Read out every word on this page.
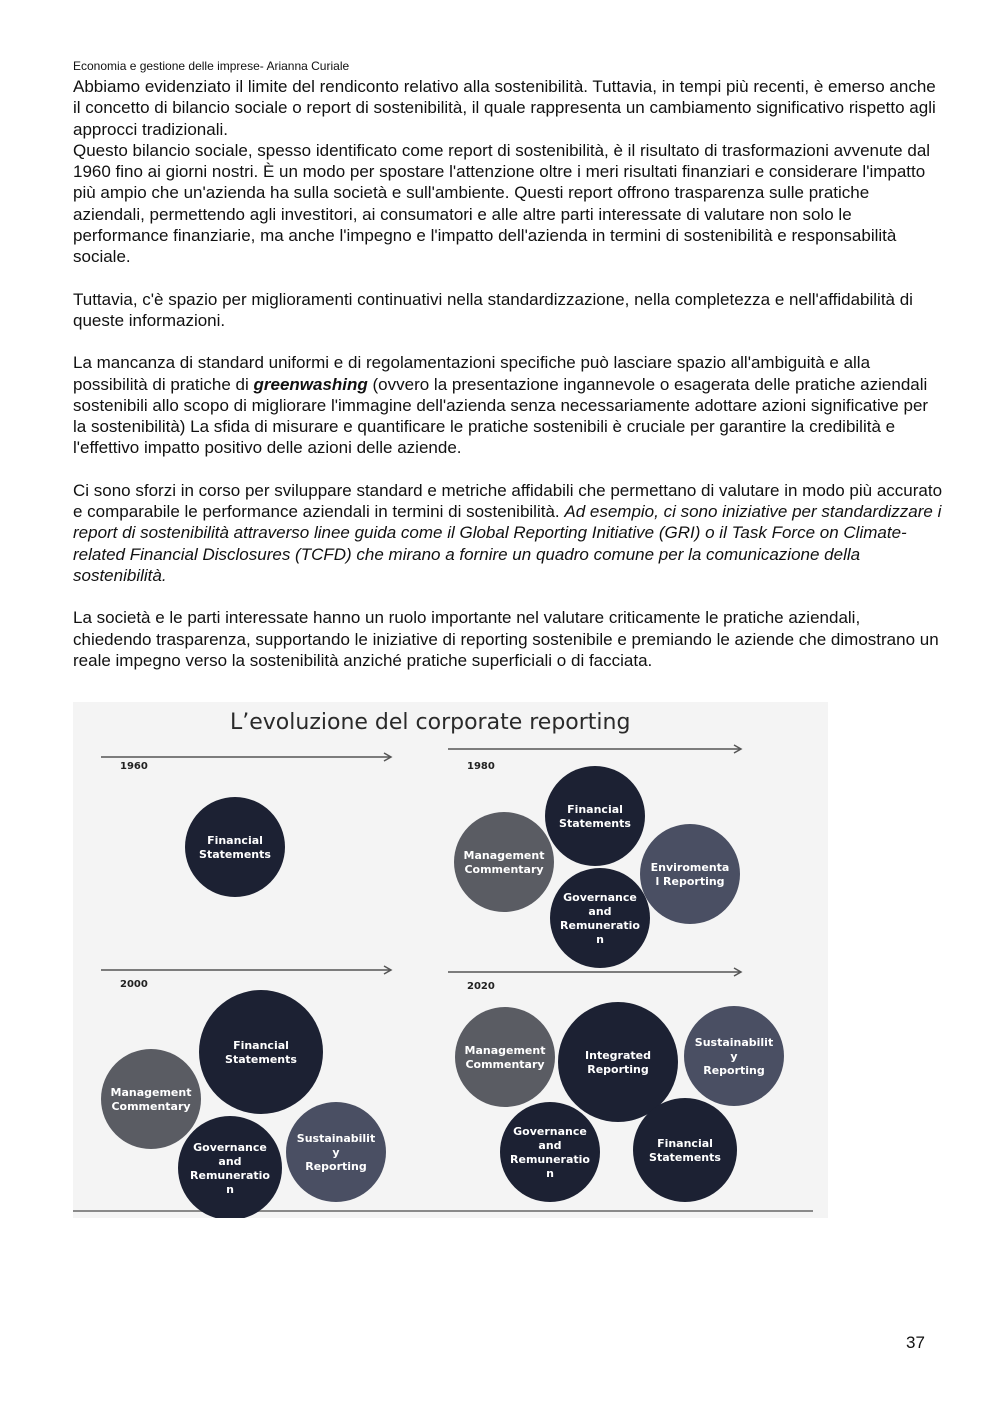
Economia e gestione delle imprese- Arianna Curiale

Abbiamo evidenziato il limite del rendiconto relativo alla sostenibilità. Tuttavia, in tempi più recenti, è emerso anche il concetto di bilancio sociale o report di sostenibilità, il quale rappresenta un cambiamento significativo rispetto agli approcci tradizionali.

Questo bilancio sociale, spesso identificato come report di sostenibilità, è il risultato di trasformazioni avvenute dal 1960 fino ai giorni nostri. È un modo per spostare l'attenzione oltre i meri risultati finanziari e considerare l'impatto più ampio che un'azienda ha sulla società e sull'ambiente. Questi report offrono trasparenza sulle pratiche aziendali, permettendo agli investitori, ai consumatori e alle altre parti interessate di valutare non solo le performance finanziarie, ma anche l'impegno e l'impatto dell'azienda in termini di sostenibilità e responsabilità sociale.

Tuttavia, c'è spazio per miglioramenti continuativi nella standardizzazione, nella completezza e nell'affidabilità di queste informazioni.

La mancanza di standard uniformi e di regolamentazioni specifiche può lasciare spazio all'ambiguità e alla possibilità di pratiche di greenwashing (ovvero la presentazione ingannevole o esagerata delle pratiche aziendali sostenibili allo scopo di migliorare l'immagine dell'azienda senza necessariamente adottare azioni significative per la sostenibilità) La sfida di misurare e quantificare le pratiche sostenibili è cruciale per garantire la credibilità e l'effettivo impatto positivo delle azioni delle aziende.

Ci sono sforzi in corso per sviluppare standard e metriche affidabili che permettano di valutare in modo più accurato e comparabile le performance aziendali in termini di sostenibilità. Ad esempio, ci sono iniziative per standardizzare i report di sostenibilità attraverso linee guida come il Global Reporting Initiative (GRI) o il Task Force on Climate-related Financial Disclosures (TCFD) che mirano a fornire un quadro comune per la comunicazione della sostenibilità.

La società e le parti interessate hanno un ruolo importante nel valutare criticamente le pratiche aziendali, chiedendo trasparenza, supportando le iniziative di reporting sostenibile e premiando le aziende che dimostrano un reale impegno verso la sostenibilità anziché pratiche superficiali o di facciata.

L’evoluzione del corporate reporting
1960
Financial
Statements
1980
Financial
Statements
Management
Commentary	Enviromenta
l Reporting
Governance
and
Remuneratio
n
2000
Financial
Statements
Management
Commentary
Governance
and
Remuneratio
n
Sustainabilit
y
Reporting
2020
Management
Commentary
Integrated
Reporting
Sustainabilit
y
Reporting
Governance
and
Remuneratio
n
Financial
Statements
37
